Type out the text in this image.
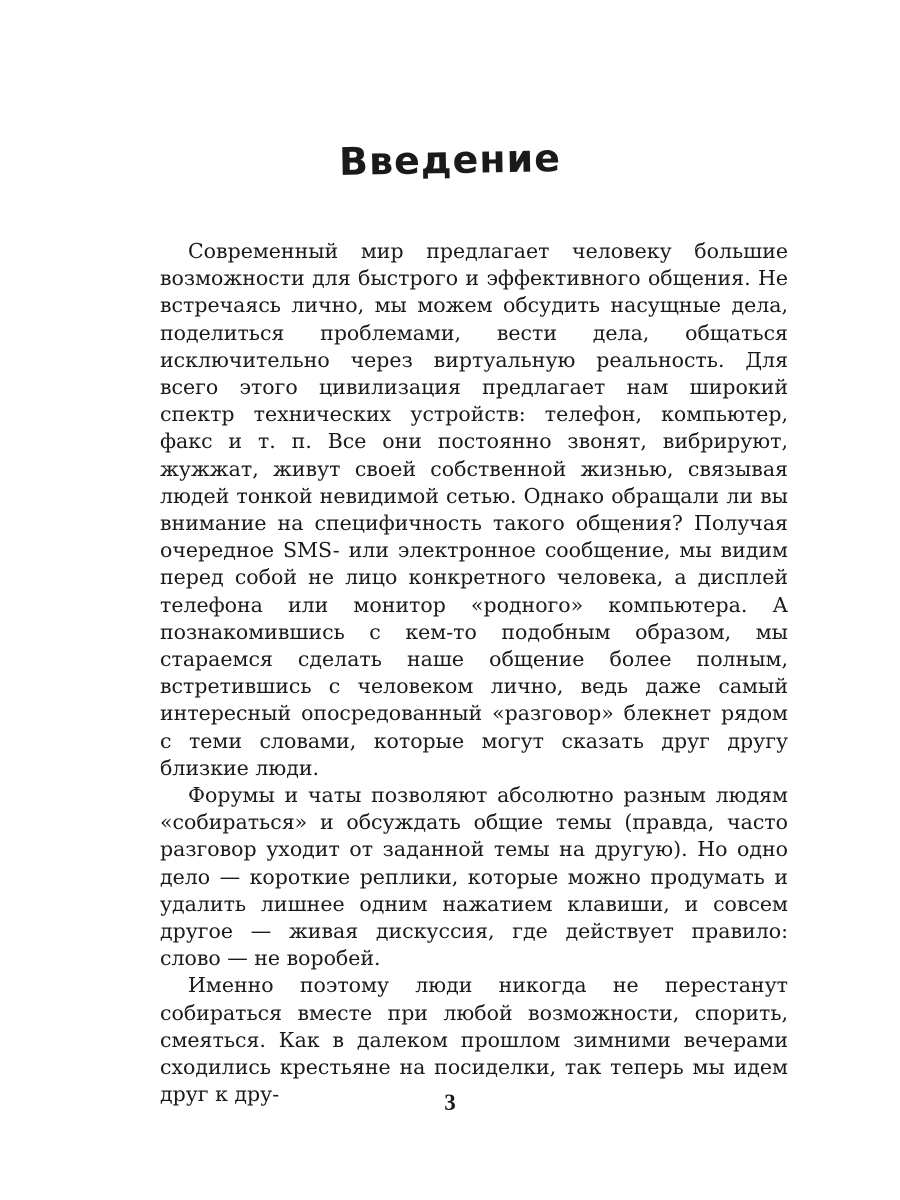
Введение

Современный мир предлагает человеку большие возможности для быстрого и эффективного общения. Не встречаясь лично, мы можем обсудить насущные дела, поделиться проблемами, вести дела, общаться исключительно через виртуальную реальность. Для всего этого цивилизация предлагает нам широкий спектр технических устройств: телефон, компьютер, факс и т. п. Все они постоянно звонят, вибрируют, жужжат, живут своей собственной жизнью, связывая людей тонкой невидимой сетью. Однако обращали ли вы внимание на специфичность такого общения? Получая очередное SMS- или электронное сообщение, мы видим перед собой не лицо конкретного человека, а дисплей телефона или монитор «родного» компьютера. А познакомившись с кем-то подобным образом, мы стараемся сделать наше общение более полным, встретившись с человеком лично, ведь даже самый интересный опосредованный «разговор» блекнет рядом с теми словами, которые могут сказать друг другу близкие люди.

Форумы и чаты позволяют абсолютно разным людям «собираться» и обсуждать общие темы (правда, часто разговор уходит от заданной темы на другую). Но одно дело — короткие реплики, которые можно продумать и удалить лишнее одним нажатием клавиши, и совсем другое — живая дискуссия, где действует правило: слово — не воробей.

Именно поэтому люди никогда не перестанут собираться вместе при любой возможности, спорить, смеяться. Как в далеком прошлом зимними вечерами сходились крестьяне на посиделки, так теперь мы идем друг к дру-	3
